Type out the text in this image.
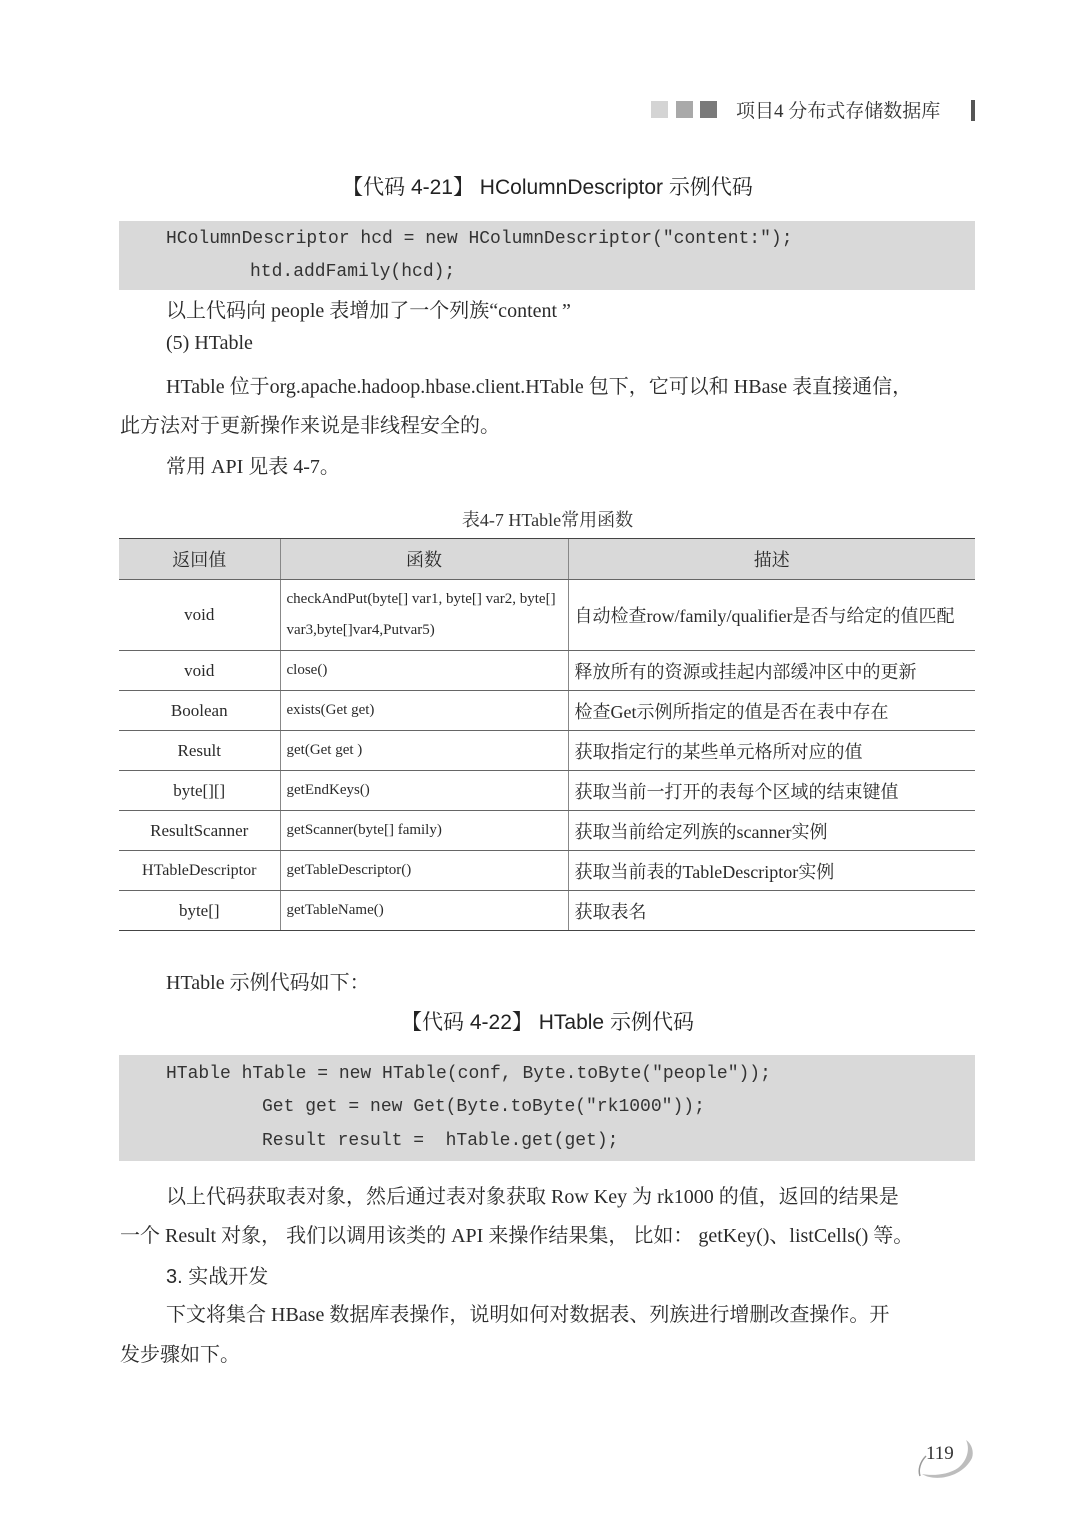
项目4 分布式存储数据库
【代码 4-21】 HColumnDescriptor 示例代码
HColumnDescriptor hcd = new HColumnDescriptor("content:");
htd.addFamily(hcd);
以上代码向 people 表增加了一个列族“content ”
(5) HTable
HTable 位于org.apache.hadoop.hbase.client.HTable 包下，它可以和 HBase 表直接通信，
此方法对于更新操作来说是非线程安全的。
常用 API 见表 4-7。
表4-7 HTable常用函数
返回值	函数	描述
void	checkAndPut(byte[] var1, byte[] var2, byte[]
var3,byte[]var4,Putvar5)	自动检查row/family/qualifier是否与给定的值匹配
void	close()	释放所有的资源或挂起内部缓冲区中的更新
Boolean	exists(Get get)	检查Get示例所指定的值是否在表中存在
Result	get(Get get )	获取指定行的某些单元格所对应的值
byte[][]	getEndKeys()	获取当前一打开的表每个区域的结束键值
ResultScanner	getScanner(byte[] family)	获取当前给定列族的scanner实例
HTableDescriptor	getTableDescriptor()	获取当前表的TableDescriptor实例
byte[]	getTableName()	获取表名
HTable 示例代码如下：
【代码 4-22】 HTable 示例代码
HTable hTable = new HTable(conf, Byte.toByte("people"));
Get get = new Get(Byte.toByte("rk1000"));
Result result =  hTable.get(get);
以上代码获取表对象，然后通过表对象获取 Row Key 为 rk1000 的值，返回的结果是
一个 Result 对象， 我们以调用该类的 API 来操作结果集， 比如： getKey()、listCells() 等。
3. 实战开发
下文将集合 HBase 数据库表操作，说明如何对数据表、列族进行增删改查操作。开
发步骤如下。
119
